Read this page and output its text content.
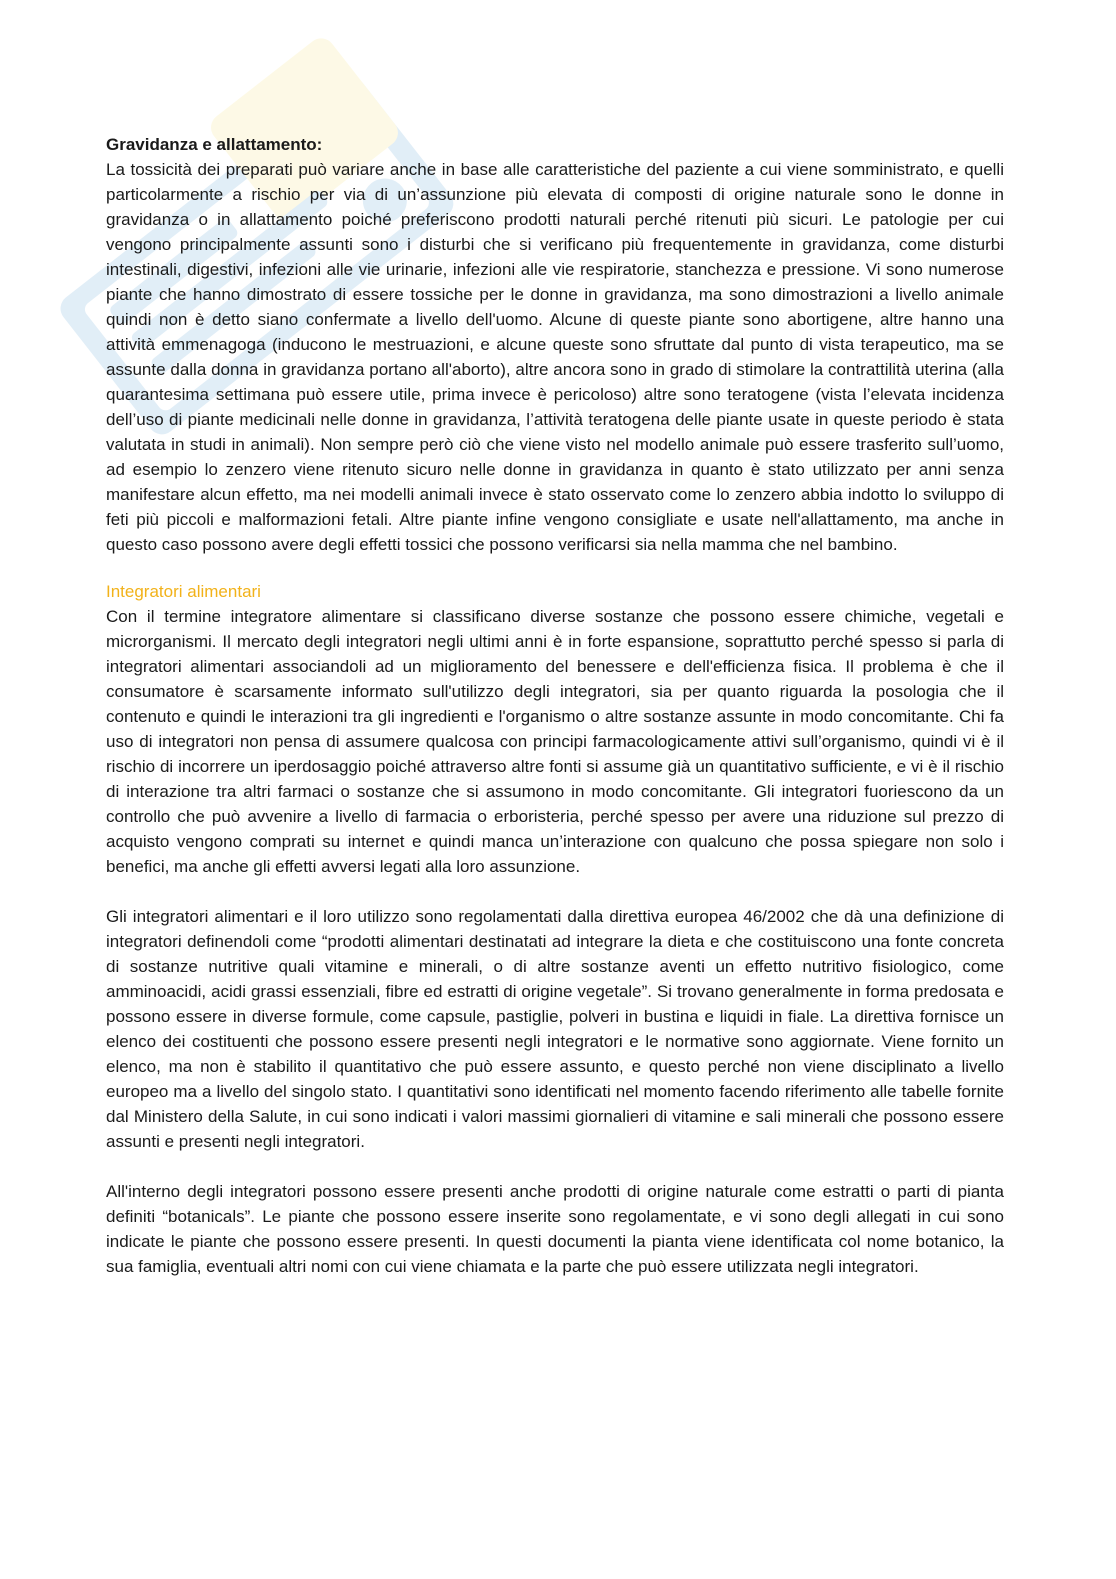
Gravidanza e allattamento:

La tossicità dei preparati può variare anche in base alle caratteristiche del paziente a cui viene somministrato, e quelli particolarmente a rischio per via di un’assunzione più elevata di composti di origine naturale sono le donne in gravidanza o in allattamento poiché preferiscono prodotti naturali perché ritenuti più sicuri. Le patologie per cui vengono principalmente assunti sono i disturbi che si verificano più frequentemente in gravidanza, come disturbi intestinali, digestivi, infezioni alle vie urinarie, infezioni alle vie respiratorie, stanchezza e pressione. Vi sono numerose piante che hanno dimostrato di essere tossiche per le donne in gravidanza, ma sono dimostrazioni a livello animale quindi non è detto siano confermate a livello dell'uomo. Alcune di queste piante sono abortigene, altre hanno una attività emmenagoga (inducono le mestruazioni, e alcune queste sono sfruttate dal punto di vista terapeutico, ma se assunte dalla donna in gravidanza portano all'aborto), altre ancora sono in grado di stimolare la contrattilità uterina (alla quarantesima settimana può essere utile, prima invece è pericoloso) altre sono teratogene (vista l’elevata incidenza dell’uso di piante medicinali nelle donne in gravidanza, l’attività teratogena delle piante usate in queste periodo è stata valutata in studi in animali). Non sempre però ciò che viene visto nel modello animale può essere trasferito sull’uomo, ad esempio lo zenzero viene ritenuto sicuro nelle donne in gravidanza in quanto è stato utilizzato per anni senza manifestare alcun effetto, ma nei modelli animali invece è stato osservato come lo zenzero abbia indotto lo sviluppo di feti più piccoli e malformazioni fetali. Altre piante infine vengono consigliate e usate nell'allattamento, ma anche in questo caso possono avere degli effetti tossici che possono verificarsi sia nella mamma che nel bambino.

Integratori alimentari

Con il termine integratore alimentare si classificano diverse sostanze che possono essere chimiche, vegetali e microrganismi. Il mercato degli integratori negli ultimi anni è in forte espansione, soprattutto perché spesso si parla di integratori alimentari associandoli ad un miglioramento del benessere e dell'efficienza fisica. Il problema è che il consumatore è scarsamente informato sull'utilizzo degli integratori, sia per quanto riguarda la posologia che il contenuto e quindi le interazioni tra gli ingredienti e l'organismo o altre sostanze assunte in modo concomitante. Chi fa uso di integratori non pensa di assumere qualcosa con principi farmacologicamente attivi sull’organismo, quindi vi è il rischio di incorrere un iperdosaggio poiché attraverso altre fonti si assume già un quantitativo sufficiente, e vi è il rischio di interazione tra altri farmaci o sostanze che si assumono in modo concomitante. Gli integratori fuoriescono da un controllo che può avvenire a livello di farmacia o erboristeria, perché spesso per avere una riduzione sul prezzo di acquisto vengono comprati su internet e quindi manca un’interazione con qualcuno che possa spiegare non solo i benefici, ma anche gli effetti avversi legati alla loro assunzione.

Gli integratori alimentari e il loro utilizzo sono regolamentati dalla direttiva europea 46/2002 che dà una definizione di integratori definendoli come “prodotti alimentari destinatati ad integrare la dieta e che costituiscono una fonte concreta di sostanze nutritive quali vitamine e minerali, o di altre sostanze aventi un effetto nutritivo fisiologico, come amminoacidi, acidi grassi essenziali, fibre ed estratti di origine vegetale”. Si trovano generalmente in forma predosata e possono essere in diverse formule, come capsule, pastiglie, polveri in bustina e liquidi in fiale. La direttiva fornisce un elenco dei costituenti che possono essere presenti negli integratori e le normative sono aggiornate. Viene fornito un elenco, ma non è stabilito il quantitativo che può essere assunto, e questo perché non viene disciplinato a livello europeo ma a livello del singolo stato. I quantitativi sono identificati nel momento facendo riferimento alle tabelle fornite dal Ministero della Salute, in cui sono indicati i valori massimi giornalieri di vitamine e sali minerali che possono essere assunti e presenti negli integratori.

All'interno degli integratori possono essere presenti anche prodotti di origine naturale come estratti o parti di pianta definiti “botanicals”. Le piante che possono essere inserite sono regolamentate, e vi sono degli allegati in cui sono indicate le piante che possono essere presenti. In questi documenti la pianta viene identificata col nome botanico, la sua famiglia, eventuali altri nomi con cui viene chiamata e la parte che può essere utilizzata negli integratori.
